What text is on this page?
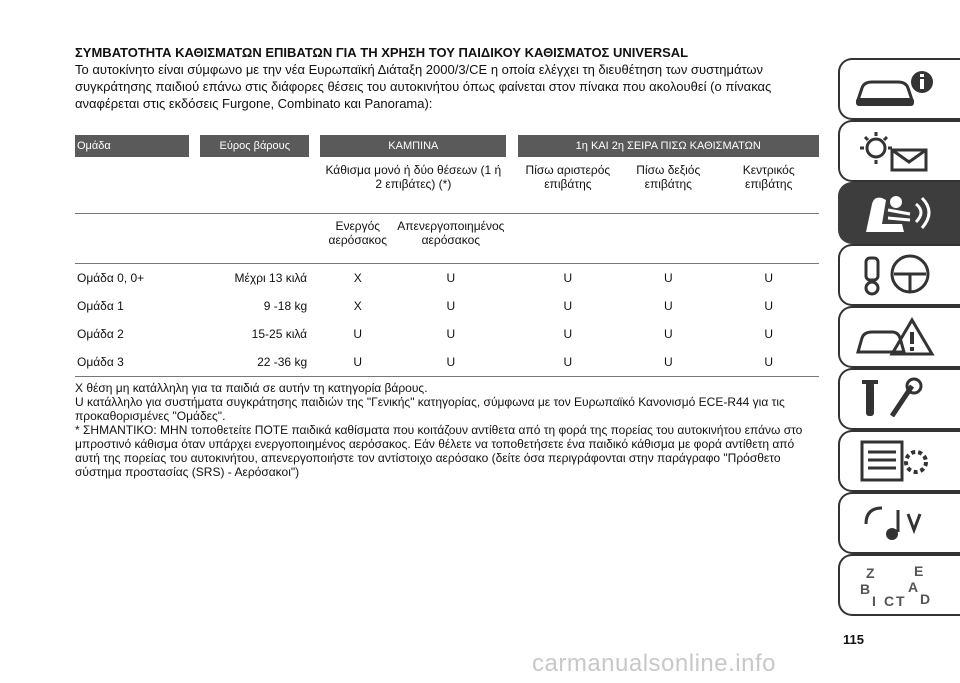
ΣΥΜΒΑΤΟΤΗΤΑ ΚΑΘΙΣΜΑΤΩΝ ΕΠΙΒΑΤΩΝ ΓΙΑ ΤΗ ΧΡΗΣΗ ΤΟΥ ΠΑΙΔΙΚΟΥ ΚΑΘΙΣΜΑΤΟΣ UNIVERSAL

Το αυτοκίνητο είναι σύμφωνο με την νέα Ευρωπαϊκή Διάταξη 2000/3/CE η οποία ελέγχει τη διευθέτηση των συστημάτων συγκράτησης παιδιού επάνω στις διάφορες θέσεις του αυτοκινήτου όπως φαίνεται στον πίνακα που ακολουθεί (ο πίνακας αναφέρεται στις εκδόσεις Furgone, Combinato και Panorama):

Ομάδα		Εύρος βάρους		ΚΑΜΠΙΝΑ			1η ΚΑΙ 2η ΣΕΙΡΑ ΠΙΣΩ ΚΑΘΙΣΜΑΤΩΝ		
				Κάθισμα μονό ή δύο θέσεων (1 ή 2 επιβάτες) (*)			Πίσω αριστερός επιβάτης	Πίσω δεξιός επιβάτης	Κεντρικός επιβάτης
				Ενεργός αερόσακος	Απενεργοποιημένος αερόσακος				
Ομάδα 0, 0+		Μέχρι 13 κιλά		X	U		U	U	U
Ομάδα 1		9 -18 kg		X	U		U	U	U
Ομάδα 2		15-25 κιλά		U	U		U	U	U
Ομάδα 3		22 -36 kg		U	U		U	U	U

X θέση μη κατάλληλη για τα παιδιά σε αυτήν τη κατηγορία βάρους.

U κατάλληλο για συστήματα συγκράτησης παιδιών της "Γενικής" κατηγορίας, σύμφωνα με τον Ευρωπαϊκό Κανονισμό ECE-R44 για τις προκαθορισμένες "Ομάδες".

* ΣΗΜΑΝΤΙΚΟ: ΜΗΝ τοποθετείτε ΠΟΤΕ παιδικά καθίσματα που κοιτάζουν αντίθετα από τη φορά της πορείας του αυτοκινήτου επάνω στο μπροστινό κάθισμα όταν υπάρχει ενεργοποιημένος αερόσακος. Εάν θέλετε να τοποθετήσετε ένα παιδικό κάθισμα με φορά αντίθετη από αυτή της πορείας του αυτοκινήτου, απενεργοποιήστε τον αντίστοιχο αερόσακο (δείτε όσα περιγράφονται στην παράγραφο "Πρόσθετο σύστημα προστασίας (SRS) - Αερόσακοι")

Z	E
B	A
I C T D
115
carmanualsonline.info
